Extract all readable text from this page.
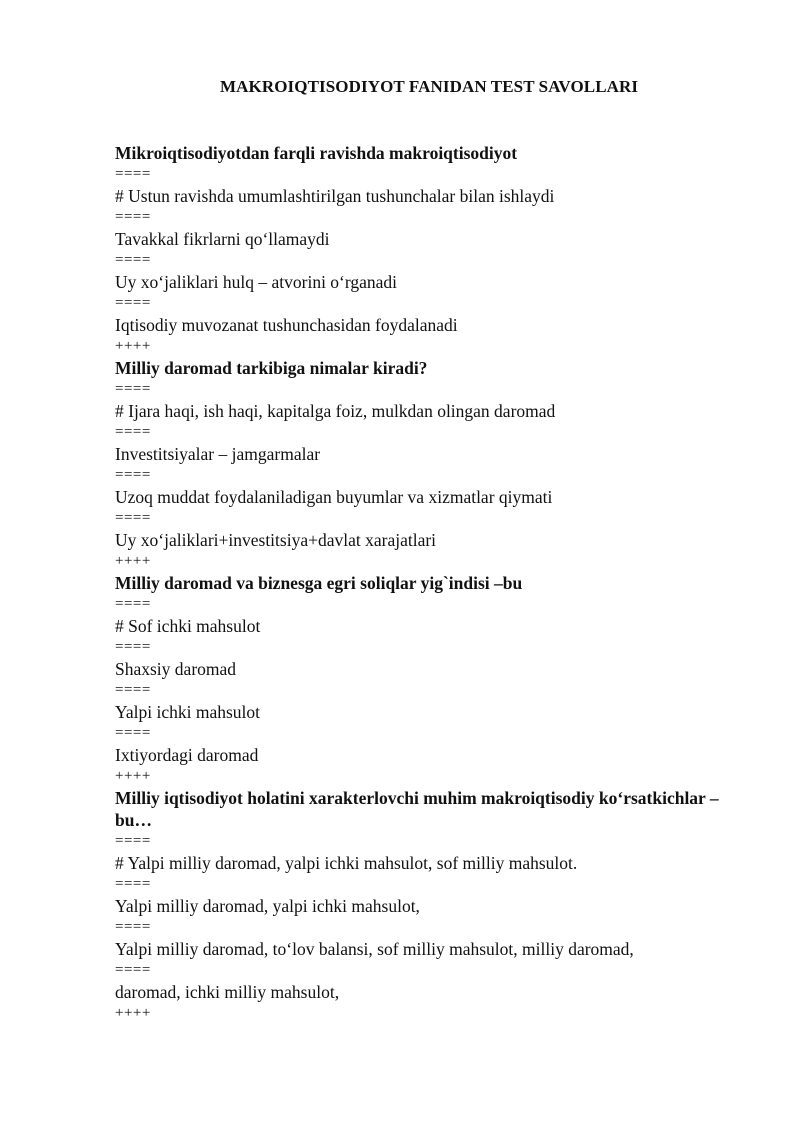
MAKROIQTISODIYOT FANIDAN TEST SAVOLLARI
Mikroiqtisodiyotdan farqli ravishda makroiqtisodiyot
====
# Ustun ravishda umumlashtirilgan tushunchalar bilan ishlaydi
====
Tavakkal fikrlarni qo‘llamaydi
====
Uy xo‘jaliklari hulq – atvorini o‘rganadi
====
Iqtisodiy muvozanat tushunchasidan foydalanadi
++++
Milliy daromad tarkibiga nimalar kiradi?
====
# Ijara haqi, ish haqi, kapitalga foiz, mulkdan olingan daromad
====
Investitsiyalar – jamgarmalar
====
Uzoq muddat foydalaniladigan buyumlar va xizmatlar qiymati
====
Uy xo‘jaliklari+investitsiya+davlat xarajatlari
++++
Milliy daromad va biznesga egri soliqlar yig`indisi –bu
====
# Sof ichki mahsulot
====
Shaxsiy daromad
====
Yalpi ichki mahsulot
====
Ixtiyordagi daromad
++++
Milliy iqtisodiyot holatini xarakterlovchi muhim makroiqtisodiy ko‘rsatkichlar – bu…
====
# Yalpi milliy daromad, yalpi ichki mahsulot, sof milliy mahsulot.
====
Yalpi milliy daromad, yalpi ichki mahsulot,
====
Yalpi milliy daromad, to‘lov balansi, sof milliy mahsulot, milliy daromad,
====
daromad, ichki milliy mahsulot,
++++
